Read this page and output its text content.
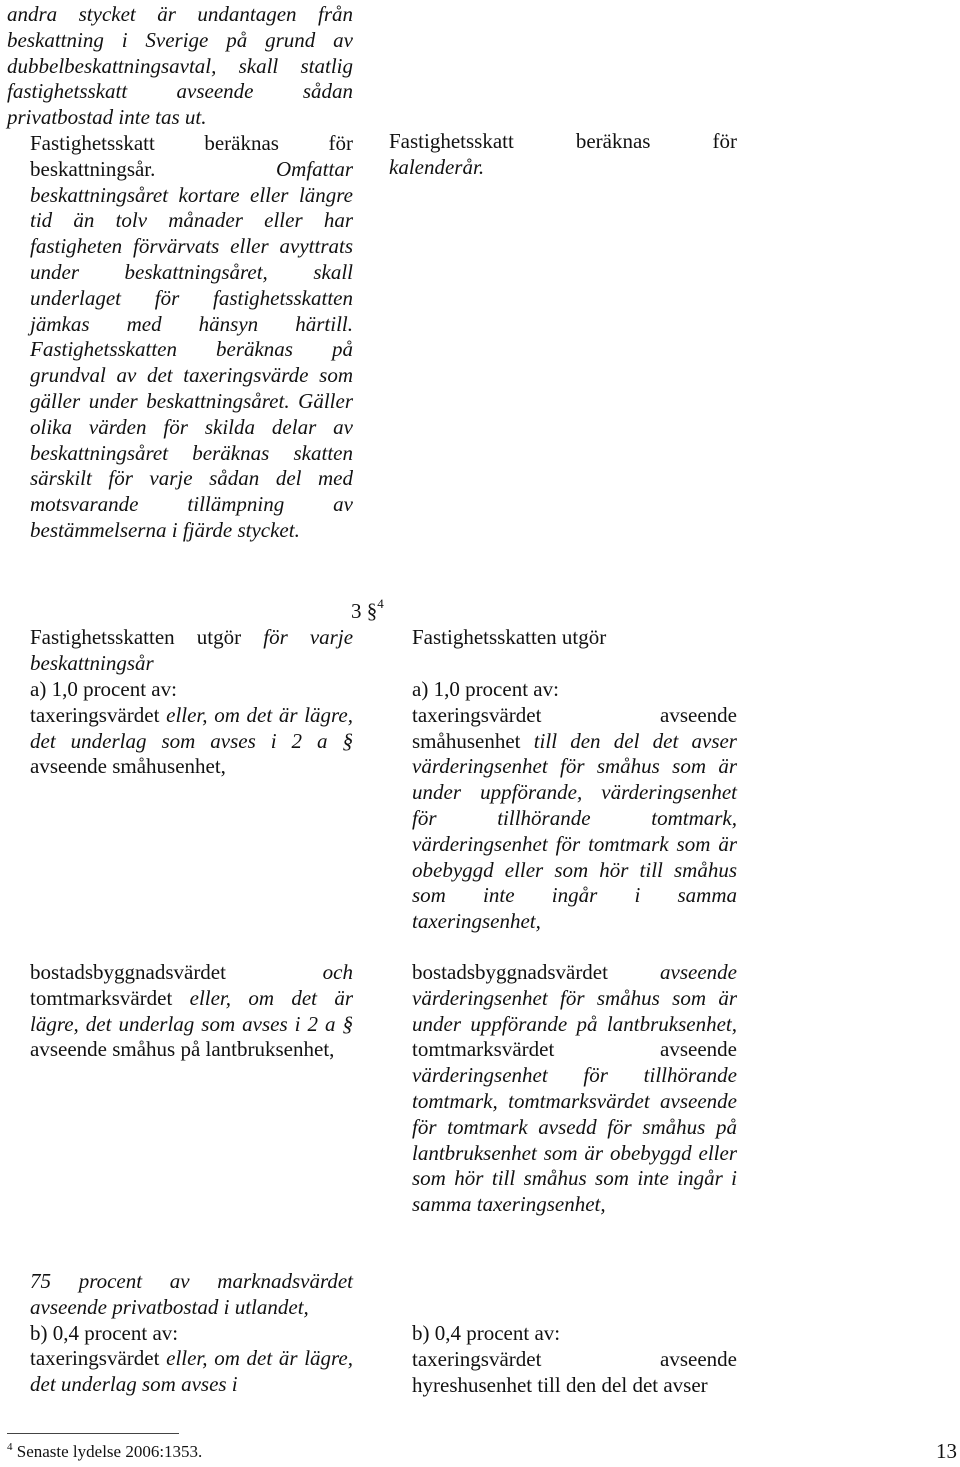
andra stycket är undantagen från beskattning i Sverige på grund av dubbelbeskattningsavtal, skall statlig fastighetsskatt avseende sådan privatbostad inte tas ut.
Fastighetsskatt beräknas för beskattningsår. Omfattar beskattningsåret kortare eller längre tid än tolv månader eller har fastigheten förvärvats eller avyttrats under beskattningsåret, skall underlaget för fastighetsskatten jämkas med hänsyn härtill. Fastighetsskatten beräknas på grundval av det taxeringsvärde som gäller under beskattningsåret. Gäller olika värden för skilda delar av beskattningsåret beräknas skatten särskilt för varje sådan del med motsvarande tillämpning av bestämmelserna i fjärde stycket.
Fastighetsskatt beräknas för
kalenderår.
3 §$^4$
Fastighetsskatten utgör för varje beskattningsår
a) 1,0 procent av:
taxeringsvärdet eller, om det är lägre, det underlag som avses i 2 a § avseende småhusenhet,
bostadsbyggnadsvärdet och tomtmarksvärdet eller, om det är lägre, det underlag som avses i 2 a § avseende småhus på lantbruksenhet,
75 procent av marknadsvärdet avseende privatbostad i utlandet,
b) 0,4 procent av:
taxeringsvärdet eller, om det är lägre, det underlag som avses i
Fastighetsskatten utgör
a) 1,0 procent av:
taxeringsvärdet avseende småhusenhet till den del det avser värderingsenhet för småhus som är under uppförande, värderingsenhet för tillhörande tomtmark, värderingsenhet för tomtmark som är obebyggd eller som hör till småhus som inte ingår i samma taxeringsenhet,
bostadsbyggnadsvärdet avseende värderingsenhet för småhus som är under uppförande på lantbruksenhet, tomtmarksvärdet avseende värderingsenhet för tillhörande tomtmark, tomtmarksvärdet avseende för tomtmark avsedd för småhus på lantbruksenhet som är obebyggd eller som hör till småhus som inte ingår i samma taxeringsenhet,
b) 0,4 procent av:
taxeringsvärdet avseende hyreshusenhet till den del det avser
$^4$ Senaste lydelse 2006:1353.	13
